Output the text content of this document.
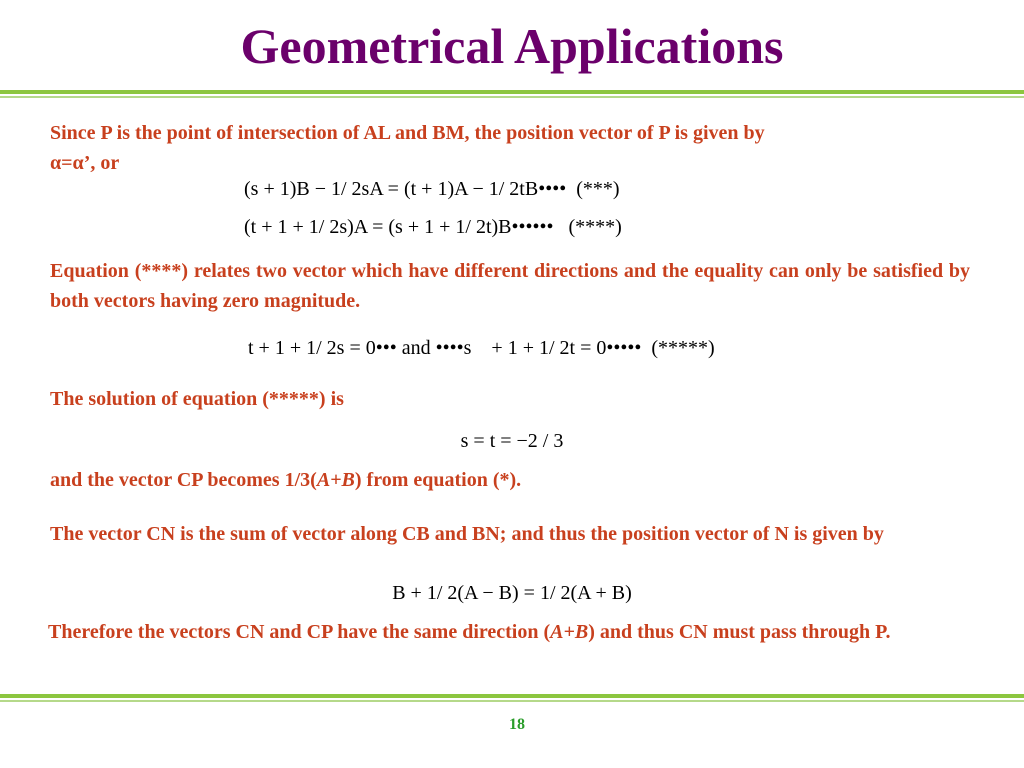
Geometrical Applications
Since P is the point of intersection of AL and BM, the position vector of P is given by
α=α’, or
(s + 1)B − 1/ 2sA = (t + 1)A − 1/ 2tB••••  (***)
(t + 1 + 1/ 2s)A = (s + 1 + 1/ 2t)B••••••   (****)
Equation (****) relates two vector which have different directions and the equality can only be satisfied by both vectors having zero magnitude.
t + 1 + 1/ 2s = 0••• and ••••s    + 1 + 1/ 2t = 0•••••  (*****)
The solution of equation (*****) is
s = t = −2 / 3
and the vector CP becomes 1/3(A+B) from equation (*).
The vector CN is the sum of vector along CB and BN; and thus the position vector of N is given by
B + 1/ 2(A − B) = 1/ 2(A + B)
Therefore the vectors CN and CP have the same direction (A+B) and thus CN must pass through P.
18
